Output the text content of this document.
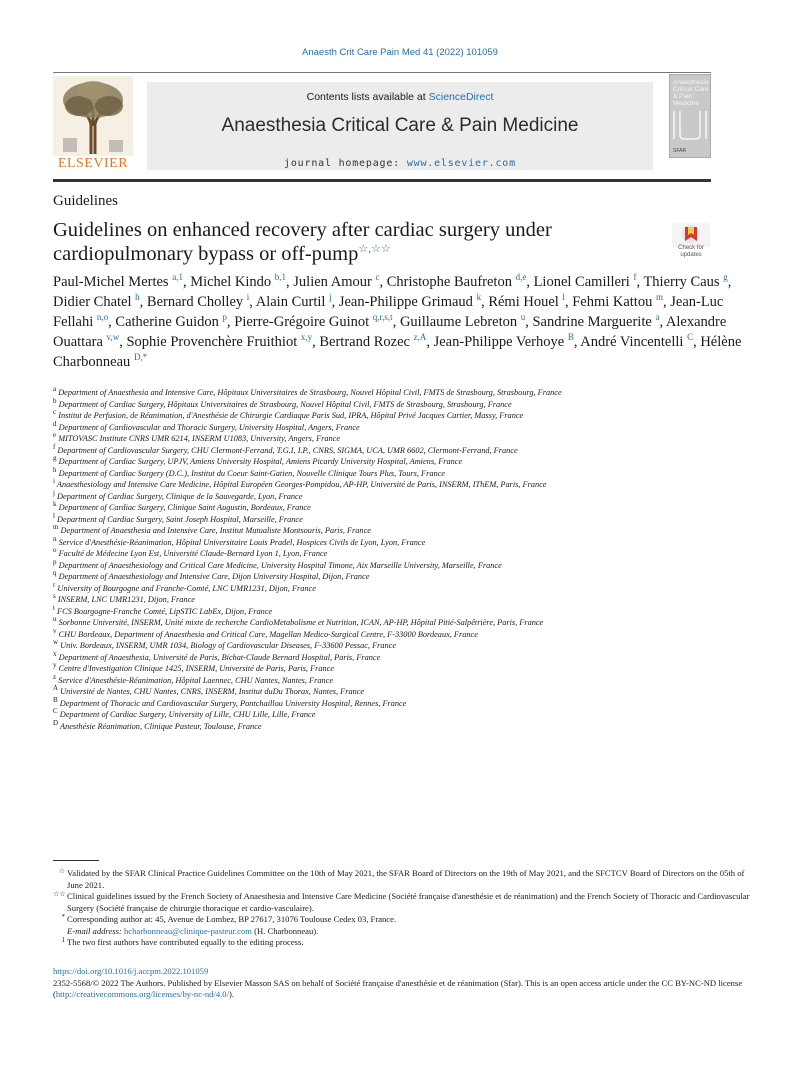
Anaesth Crit Care Pain Med 41 (2022) 101059
ELSEVIER
Contents lists available at ScienceDirect
Anaesthesia Critical Care & Pain Medicine
journal homepage: www.elsevier.com
Anaesthesia Critical Care & Pain Medicine
SFAR
Guidelines
Guidelines on enhanced recovery after cardiac surgery under
cardiopulmonary bypass or off-pump☆,☆☆	Check for
updates
Paul-Michel Mertes $^{a,1}$, Michel Kindo $^{b,1}$, Julien Amour $^c$, Christophe Baufreton $^{d,e}$, Lionel Camilleri $^f$, Thierry Caus $^g$, Didier Chatel $^h$, Bernard Cholley $^i$, Alain Curtil $^j$, Jean-Philippe Grimaud $^k$, Rémi Houel $^l$, Fehmi Kattou $^m$, Jean-Luc Fellahi $^{n,o}$, Catherine Guidon $^p$, Pierre-Grégoire Guinot $^{q,r,s,t}$, Guillaume Lebreton $^u$, Sandrine Marguerite $^a$, Alexandre Ouattara $^{v,w}$, Sophie Provenchère Fruithiot $^{x,y}$, Bertrand Rozec $^{z,A}$, Jean-Philippe Verhoye $^B$, André Vincentelli $^C$, Hélène Charbonneau $^{D,*}$
$^a$ Department of Anaesthesia and Intensive Care, Hôpitaux Universitaires de Strasbourg, Nouvel Hôpital Civil, FMTS de Strasbourg, Strasbourg, France
$^b$ Department of Cardiac Surgery, Hôpitaux Universitaires de Strasbourg, Nouvel Hôpital Civil, FMTS de Strasbourg, Strasbourg, France
$^c$ Institut de Perfusion, de Réanimation, d'Anesthésie de Chirurgie Cardiaque Paris Sud, IPRA, Hôpital Privé Jacques Cartier, Massy, France
$^d$ Department of Cardiovascular and Thoracic Surgery, University Hospital, Angers, France
$^e$ MITOVASC Institute CNRS UMR 6214, INSERM U1083, University, Angers, France
$^f$ Department of Cardiovascular Surgery, CHU Clermont-Ferrand, T.G.I, I.P., CNRS, SIGMA, UCA, UMR 6602, Clermont-Ferrand, France
$^g$ Department of Cardiac Surgery, UPJV, Amiens University Hospital, Amiens Picardy University Hospital, Amiens, France
$^h$ Department of Cardiac Surgery (D.C.), Institut du Coeur Saint-Gatien, Nouvelle Clinique Tours Plus, Tours, France
$^i$ Anaesthesiology and Intensive Care Medicine, Hôpital Européen Georges-Pompidou, AP-HP, Université de Paris, INSERM, IThEM, Paris, France
$^j$ Department of Cardiac Surgery, Clinique de la Sauvegarde, Lyon, France
$^k$ Department of Cardiac Surgery, Clinique Saint Augustin, Bordeaux, France
$^l$ Department of Cardiac Surgery, Saint Joseph Hospital, Marseille, France
$^m$ Department of Anaesthesia and Intensive Care, Institut Mutualiste Montsouris, Paris, France
$^n$ Service d'Anesthésie-Réanimation, Hôpital Universitaire Louis Pradel, Hospices Civils de Lyon, Lyon, France
$^o$ Faculté de Médecine Lyon Est, Université Claude-Bernard Lyon 1, Lyon, France
$^p$ Department of Anaesthesiology and Critical Care Medicine, University Hospital Timone, Aix Marseille University, Marseille, France
$^q$ Department of Anaesthesiology and Intensive Care, Dijon University Hospital, Dijon, France
$^r$ University of Bourgogne and Franche-Comté, LNC UMR1231, Dijon, France
$^s$ INSERM, LNC UMR1231, Dijon, France
$^t$ FCS Bourgogne-Franche Comté, LipSTIC LabEx, Dijon, France
$^u$ Sorbonne Université, INSERM, Unité mixte de recherche CardioMetabolisme et Nutrition, ICAN, AP-HP, Hôpital Pitié-Salpêtrière, Paris, France
$^v$ CHU Bordeaux, Department of Anaesthesia and Critical Care, Magellan Medico-Surgical Centre, F-33000 Bordeaux, France
$^w$ Univ. Bordeaux, INSERM, UMR 1034, Biology of Cardiovascular Diseases, F-33600 Pessac, France
$^x$ Department of Anaesthesia, Université de Paris, Bichat-Claude Bernard Hospital, Paris, France
$^y$ Centre d'Investigation Clinique 1425, INSERM, Université de Paris, Paris, France
$^z$ Service d'Anesthésie-Réanimation, Hôpital Laennec, CHU Nantes, Nantes, France
$^A$ Université de Nantes, CHU Nantes, CNRS, INSERM, Institut duDu Thorax, Nantes, France
$^B$ Department of Thoracic and Cardiovascular Surgery, Pontchaillou University Hospital, Rennes, France
$^C$ Department of Cardiac Surgery, University of Lille, CHU Lille, Lille, France
$^D$ Anesthésie Réanimation, Clinique Pasteur, Toulouse, France
☆ Validated by the SFAR Clinical Practice Guidelines Committee on the 10th of May 2021, the SFAR Board of Directors on the 19th of May 2021, and the SFCTCV Board of Directors on the 05th of June 2021.
☆☆ Clinical guidelines issued by the French Society of Anaesthesia and Intensive Care Medicine (Société française d'anesthésie et de réanimation) and the French Society of Thoracic and Cardiovascular Surgery (Société française de chirurgie thoracique et cardio-vasculaire).
* Corresponding author at: 45, Avenue de Lombez, BP 27617, 31076 Toulouse Cedex 03, France.
E-mail address: hcharbonneau@clinique-pasteur.com (H. Charbonneau).
1 The two first authors have contributed equally to the editing process.
https://doi.org/10.1016/j.accpm.2022.101059
2352-5568/© 2022 The Authors. Published by Elsevier Masson SAS on behalf of Société française d'anesthésie et de réanimation (Sfar). This is an open access article under the CC BY-NC-ND license (http://creativecommons.org/licenses/by-nc-nd/4.0/).
